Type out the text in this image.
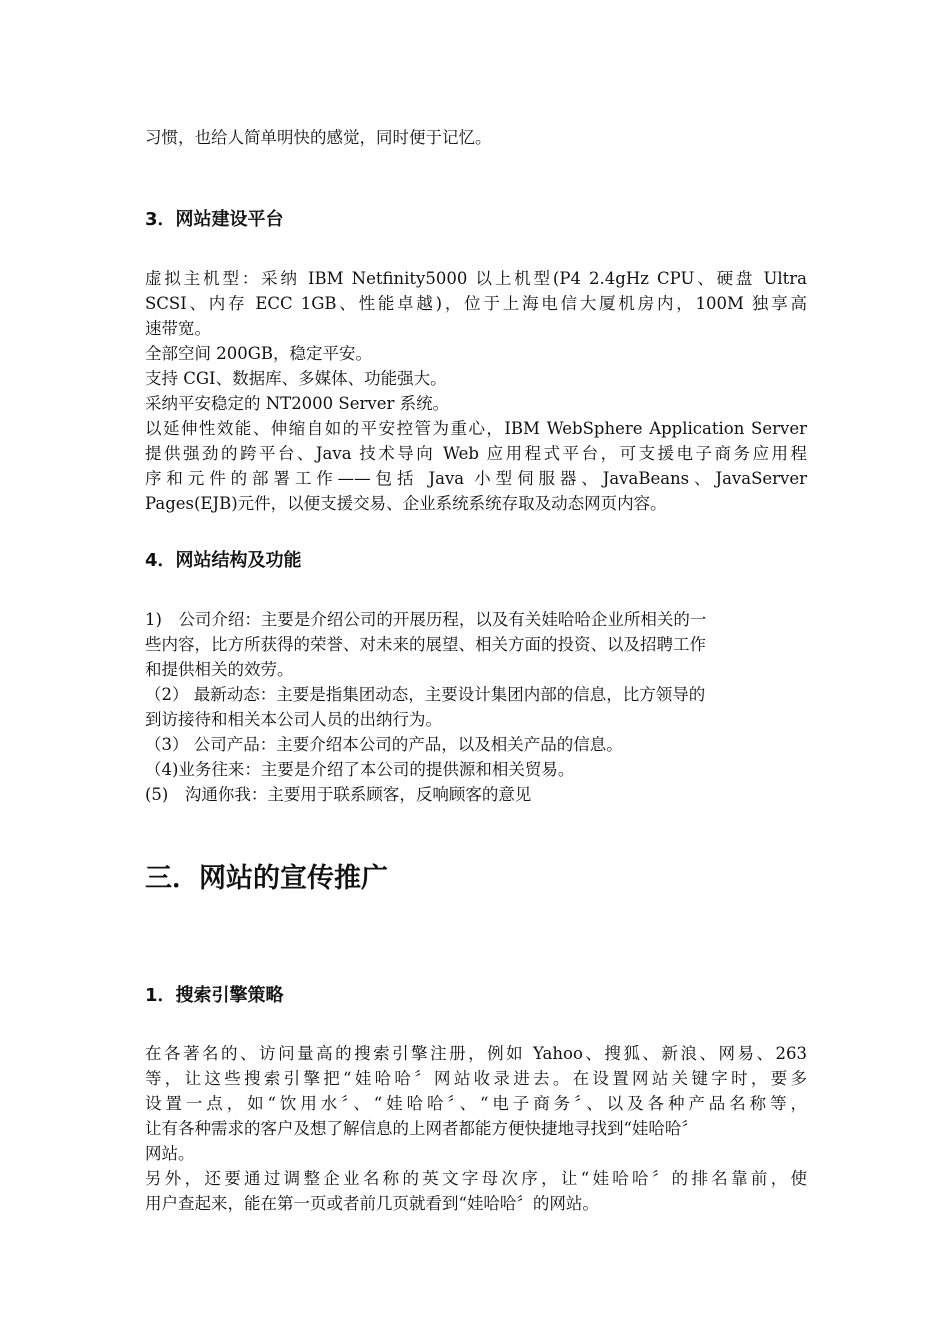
习惯，也给人简单明快的感觉，同时便于记忆。
3．网站建设平台
虚拟主机型：采纳 IBM Netfinity5000 以上机型(P4 2.4gHz CPU、硬盘 Ultra
SCSI、内存 ECC 1GB、性能卓越)，位于上海电信大厦机房内，100M 独享高
速带宽。
全部空间 200GB，稳定平安。
支持 CGI、数据库、多媒体、功能强大。
采纳平安稳定的 NT2000 Server 系统。
以延伸性效能、伸缩自如的平安控管为重心，IBM WebSphere Application Server
提供强劲的跨平台、Java 技术导向 Web 应用程式平台，可支援电子商务应用程
序和元件的部署工作——包括 Java 小型伺服器、JavaBeans、JavaServer
Pages(EJB)元件，以便支援交易、企业系统系统存取及动态网页内容。
4．网站结构及功能
1)　公司介绍：主要是介绍公司的开展历程，以及有关娃哈哈企业所相关的一
些内容，比方所获得的荣誉、对未来的展望、相关方面的投资、以及招聘工作
和提供相关的效劳。
（2） 最新动态：主要是指集团动态，主要设计集团内部的信息，比方领导的
到访接待和相关本公司人员的出纳行为。
（3） 公司产品：主要介绍本公司的产品，以及相关产品的信息。
（4)业务往来：主要是介绍了本公司的提供源和相关贸易。
(5)　沟通你我：主要用于联系顾客，反响顾客的意见
三．网站的宣传推广
1．搜索引擎策略
在各著名的、访问量高的搜索引擎注册，例如 Yahoo、搜狐、新浪、网易、263
等，让这些搜索引擎把“娃哈哈〞网站收录进去。在设置网站关键字时，要多
设置一点，如“饮用水〞、“娃哈哈〞、“电子商务〞、以及各种产品名称等，
让有各种需求的客户及想了解信息的上网者都能方便快捷地寻找到“娃哈哈〞
网站。
另外，还要通过调整企业名称的英文字母次序，让“娃哈哈〞的排名靠前，使
用户查起来，能在第一页或者前几页就看到“娃哈哈〞的网站。
